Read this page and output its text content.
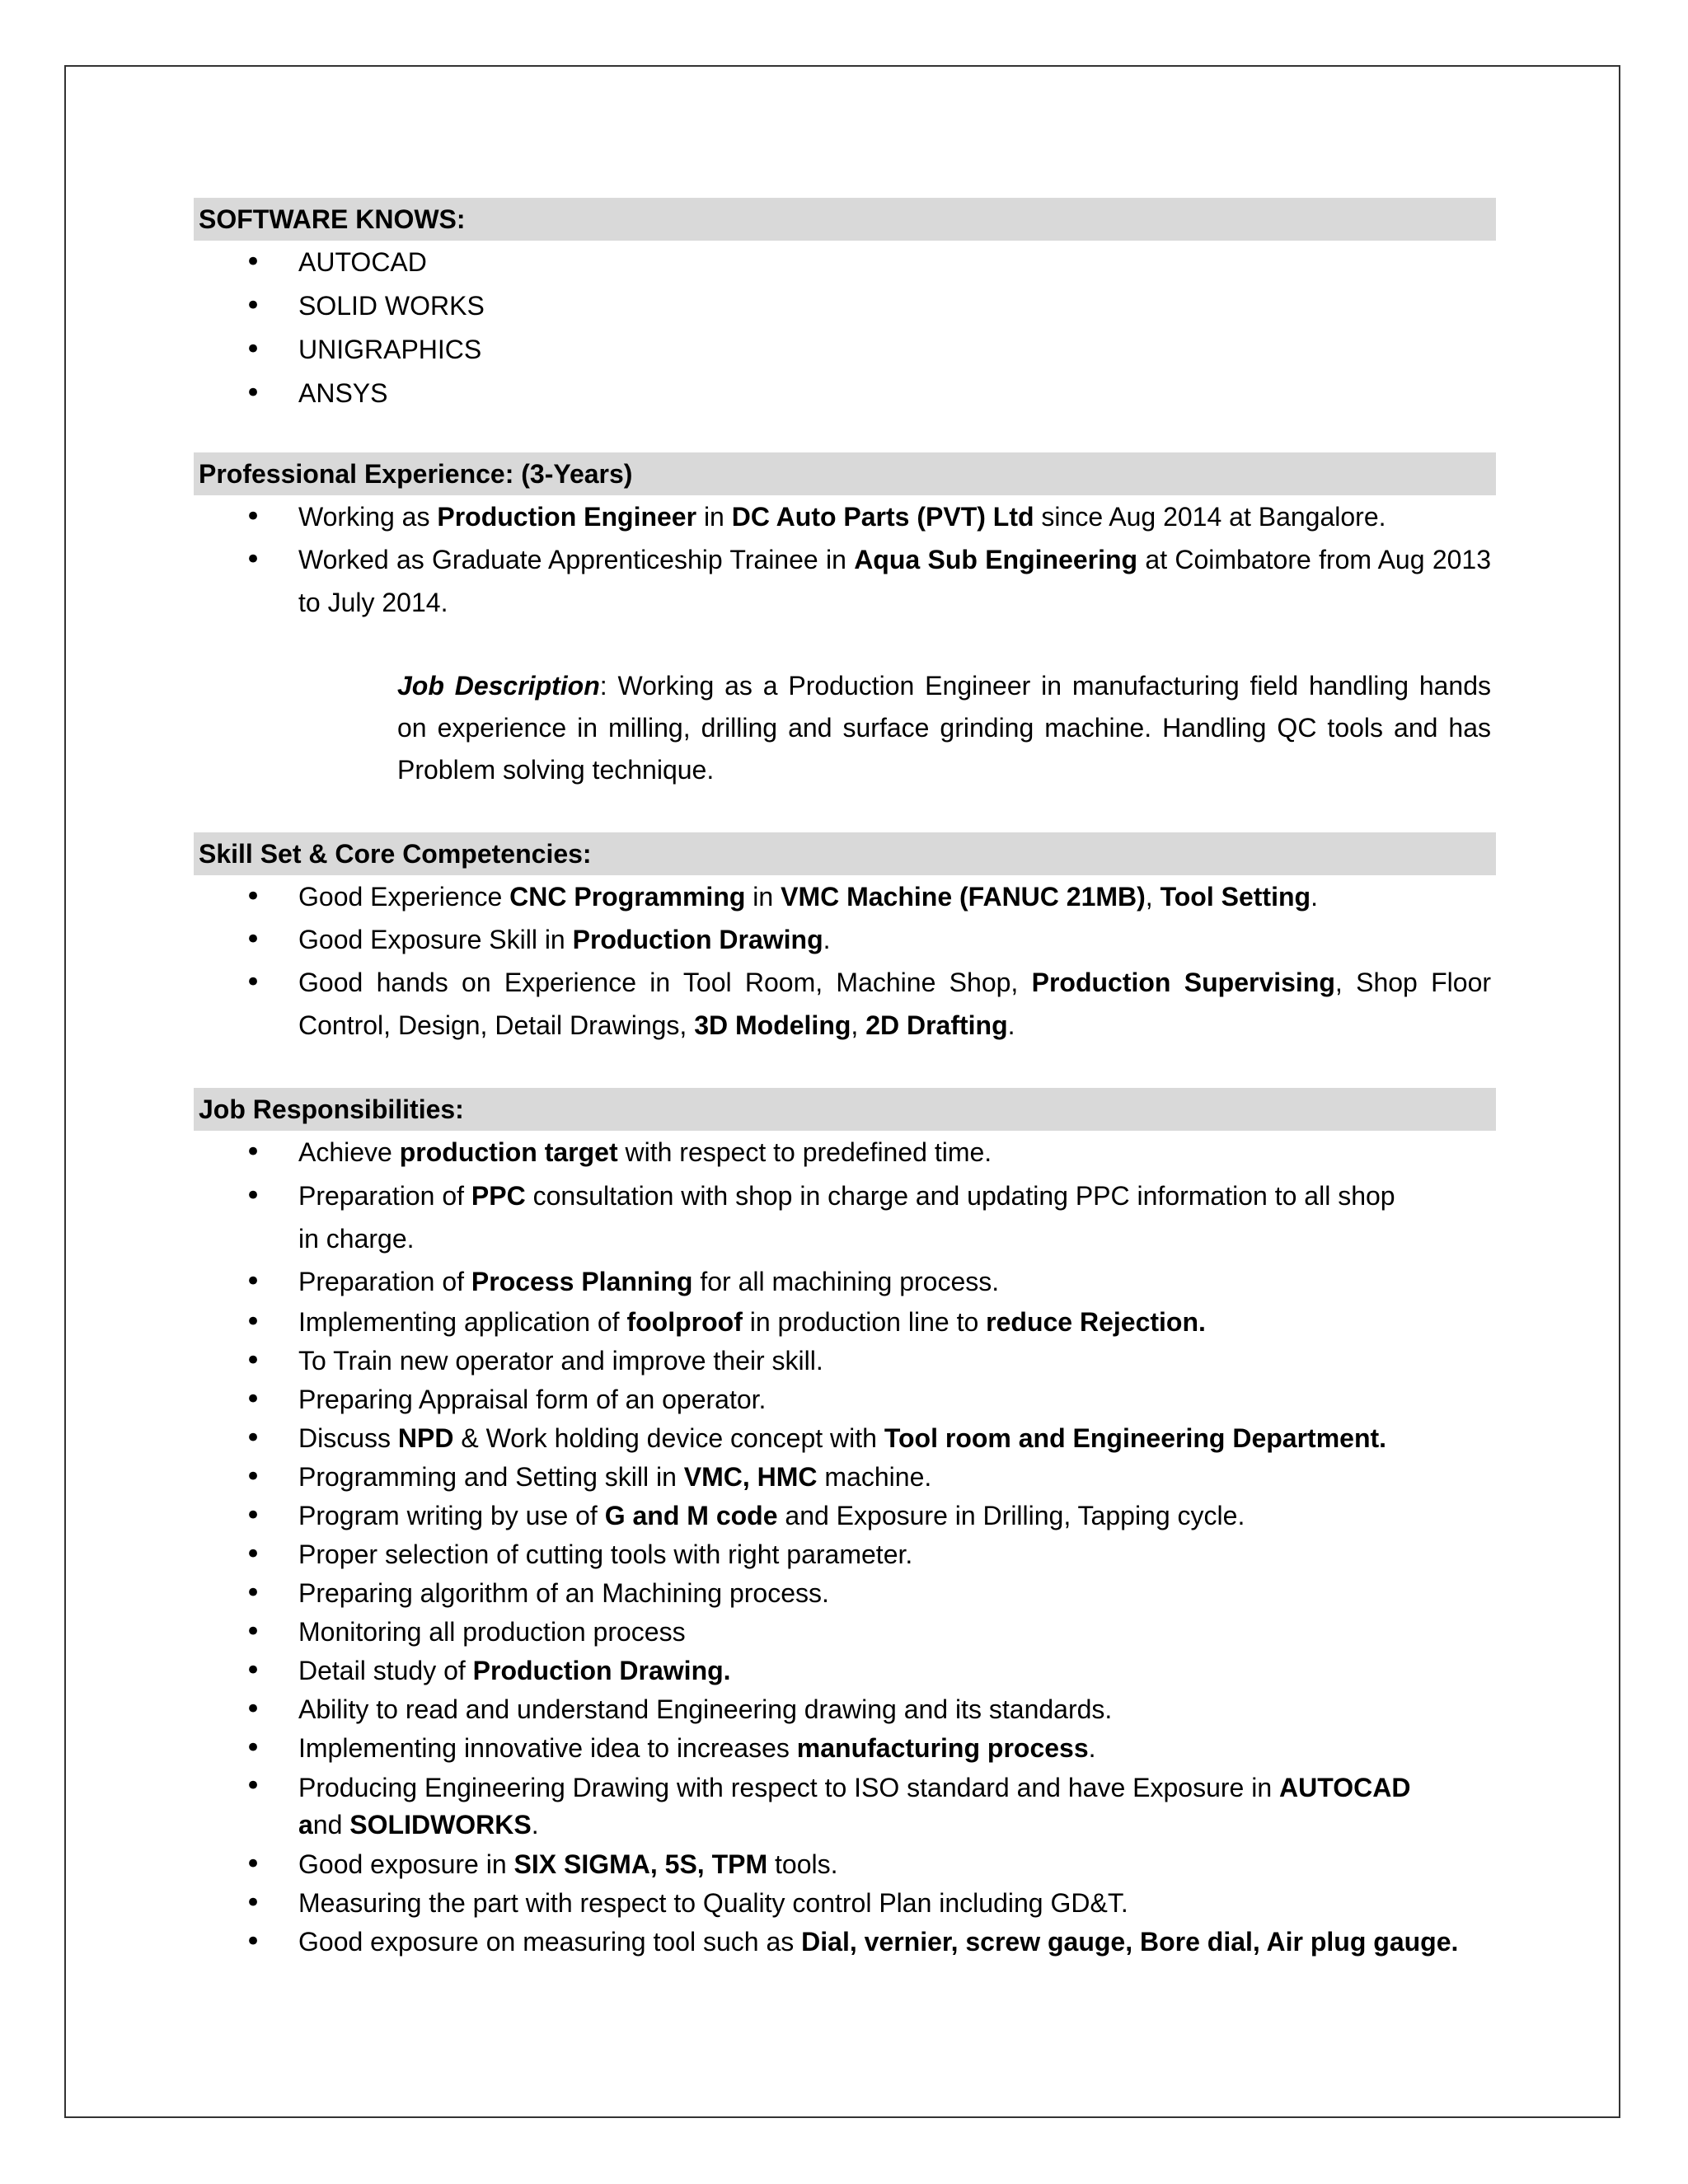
SOFTWARE KNOWS:
• AUTOCAD
• SOLID WORKS
• UNIGRAPHICS
• ANSYS
Professional Experience: (3-Years)
• Working as Production Engineer in DC Auto Parts (PVT) Ltd since Aug 2014 at Bangalore.
• Worked as Graduate Apprenticeship Trainee in Aqua Sub Engineering at Coimbatore from Aug 2013 to July 2014.
Job Description: Working as a Production Engineer in manufacturing field handling hands on experience in milling, drilling and surface grinding machine. Handling QC tools and has Problem solving technique.
Skill Set & Core Competencies:
• Good Experience CNC Programming in VMC Machine (FANUC 21MB), Tool Setting.
• Good Exposure Skill in Production Drawing.
• Good hands on Experience in Tool Room, Machine Shop, Production Supervising, Shop Floor Control, Design, Detail Drawings, 3D Modeling, 2D Drafting.
Job Responsibilities:
• Achieve production target with respect to predefined time.
• Preparation of PPC consultation with shop in charge and updating PPC information to all shop
in charge.
• Preparation of Process Planning for all machining process.
• Implementing application of foolproof in production line to reduce Rejection.
• To Train new operator and improve their skill.
• Preparing Appraisal form of an operator.
• Discuss NPD & Work holding device concept with Tool room and Engineering Department.
• Programming and Setting skill in VMC, HMC machine.
• Program writing by use of G and M code and Exposure in Drilling, Tapping cycle.
• Proper selection of cutting tools with right parameter.
• Preparing algorithm of an Machining process.
• Monitoring all production process
• Detail study of Production Drawing.
• Ability to read and understand Engineering drawing and its standards.
• Implementing innovative idea to increases manufacturing process.
• Producing Engineering Drawing with respect to ISO standard and have Exposure in AUTOCAD
and SOLIDWORKS.
• Good exposure in SIX SIGMA, 5S, TPM tools.
• Measuring the part with respect to Quality control Plan including GD&T.
• Good exposure on measuring tool such as Dial, vernier, screw gauge, Bore dial, Air plug gauge.
